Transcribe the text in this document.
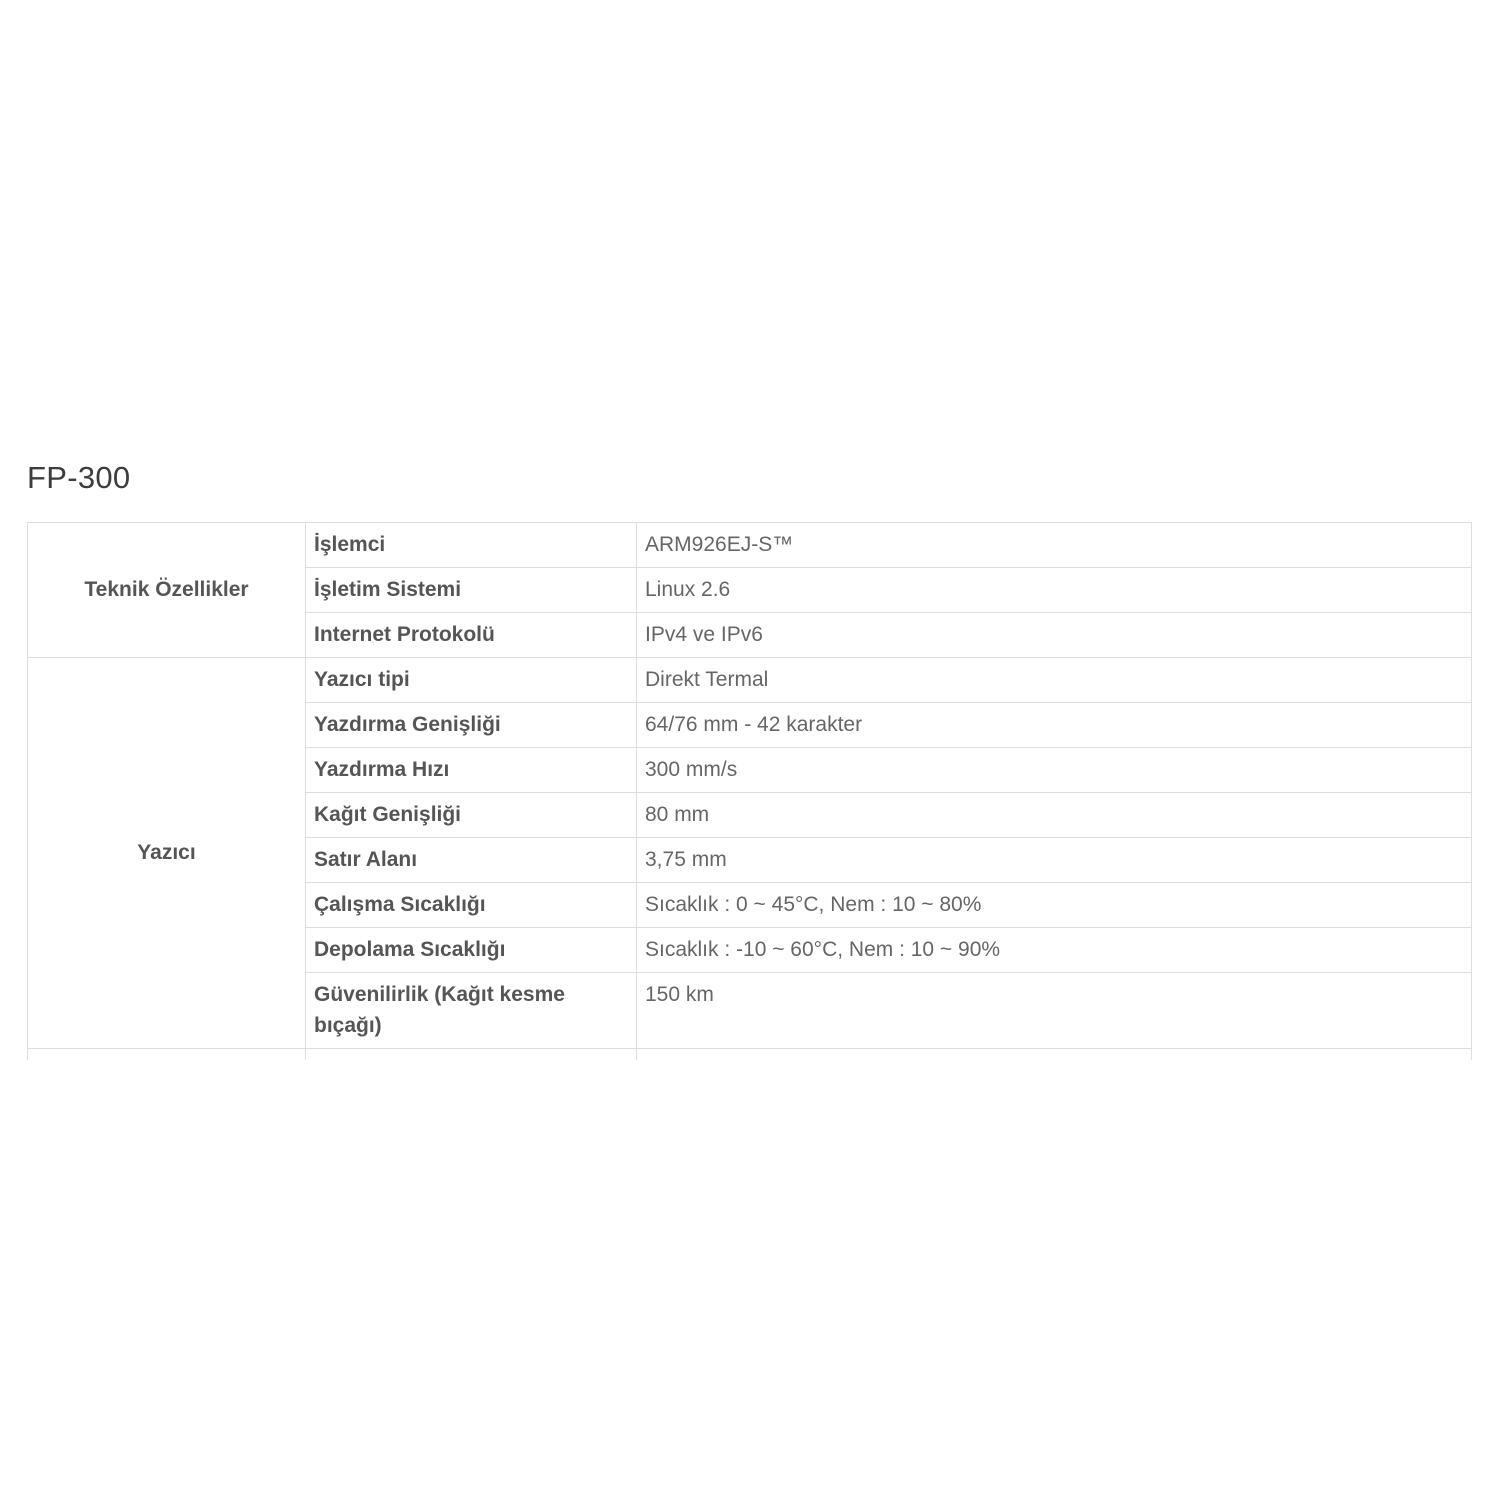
FP-300
Teknik Özellikler	İşlemci	ARM926EJ-S™
	İşletim Sistemi	Linux 2.6
	Internet Protokolü	IPv4 ve IPv6
Yazıcı	Yazıcı tipi	Direkt Termal
	Yazdırma Genişliği	64/76 mm - 42 karakter
	Yazdırma Hızı	300 mm/s
	Kağıt Genişliği	80 mm
	Satır Alanı	3,75 mm
	Çalışma Sıcaklığı	Sıcaklık : 0 ~ 45°C, Nem : 10 ~ 80%
	Depolama Sıcaklığı	Sıcaklık : -10 ~ 60°C, Nem : 10 ~ 90%
	Güvenilirlik (Kağıt kesme bıçağı)	150 km
